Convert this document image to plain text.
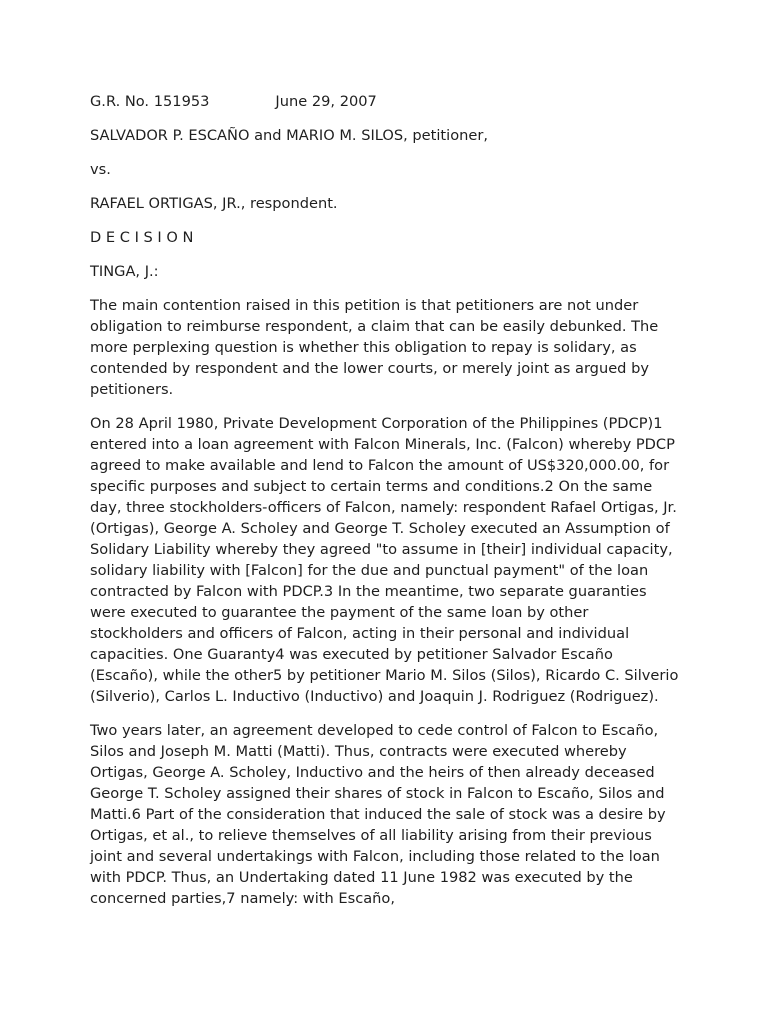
G.R. No. 151953	June 29, 2007

SALVADOR P. ESCAÑO and MARIO M. SILOS, petitioner,

vs.

RAFAEL ORTIGAS, JR., respondent.

D E C I S I O N

TINGA, J.:

The main contention raised in this petition is that petitioners are not under obligation to reimburse respondent, a claim that can be easily debunked. The more perplexing question is whether this obligation to repay is solidary, as contended by respondent and the lower courts, or merely joint as argued by petitioners.

On 28 April 1980, Private Development Corporation of the Philippines (PDCP)1 entered into a loan agreement with Falcon Minerals, Inc. (Falcon) whereby PDCP agreed to make available and lend to Falcon the amount of US$320,000.00, for specific purposes and subject to certain terms and conditions.2 On the same day, three stockholders-officers of Falcon, namely: respondent Rafael Ortigas, Jr. (Ortigas), George A. Scholey and George T. Scholey executed an Assumption of Solidary Liability whereby they agreed "to assume in [their] individual capacity, solidary liability with [Falcon] for the due and punctual payment" of the loan contracted by Falcon with PDCP.3 In the meantime, two separate guaranties were executed to guarantee the payment of the same loan by other stockholders and officers of Falcon, acting in their personal and individual capacities. One Guaranty4 was executed by petitioner Salvador Escaño (Escaño), while the other5 by petitioner Mario M. Silos (Silos), Ricardo C. Silverio (Silverio), Carlos L. Inductivo (Inductivo) and Joaquin J. Rodriguez (Rodriguez).

Two years later, an agreement developed to cede control of Falcon to Escaño, Silos and Joseph M. Matti (Matti). Thus, contracts were executed whereby Ortigas, George A. Scholey, Inductivo and the heirs of then already deceased George T. Scholey assigned their shares of stock in Falcon to Escaño, Silos and Matti.6 Part of the consideration that induced the sale of stock was a desire by Ortigas, et al., to relieve themselves of all liability arising from their previous joint and several undertakings with Falcon, including those related to the loan with PDCP. Thus, an Undertaking dated 11 June 1982 was executed by the concerned parties,7 namely: with Escaño,
